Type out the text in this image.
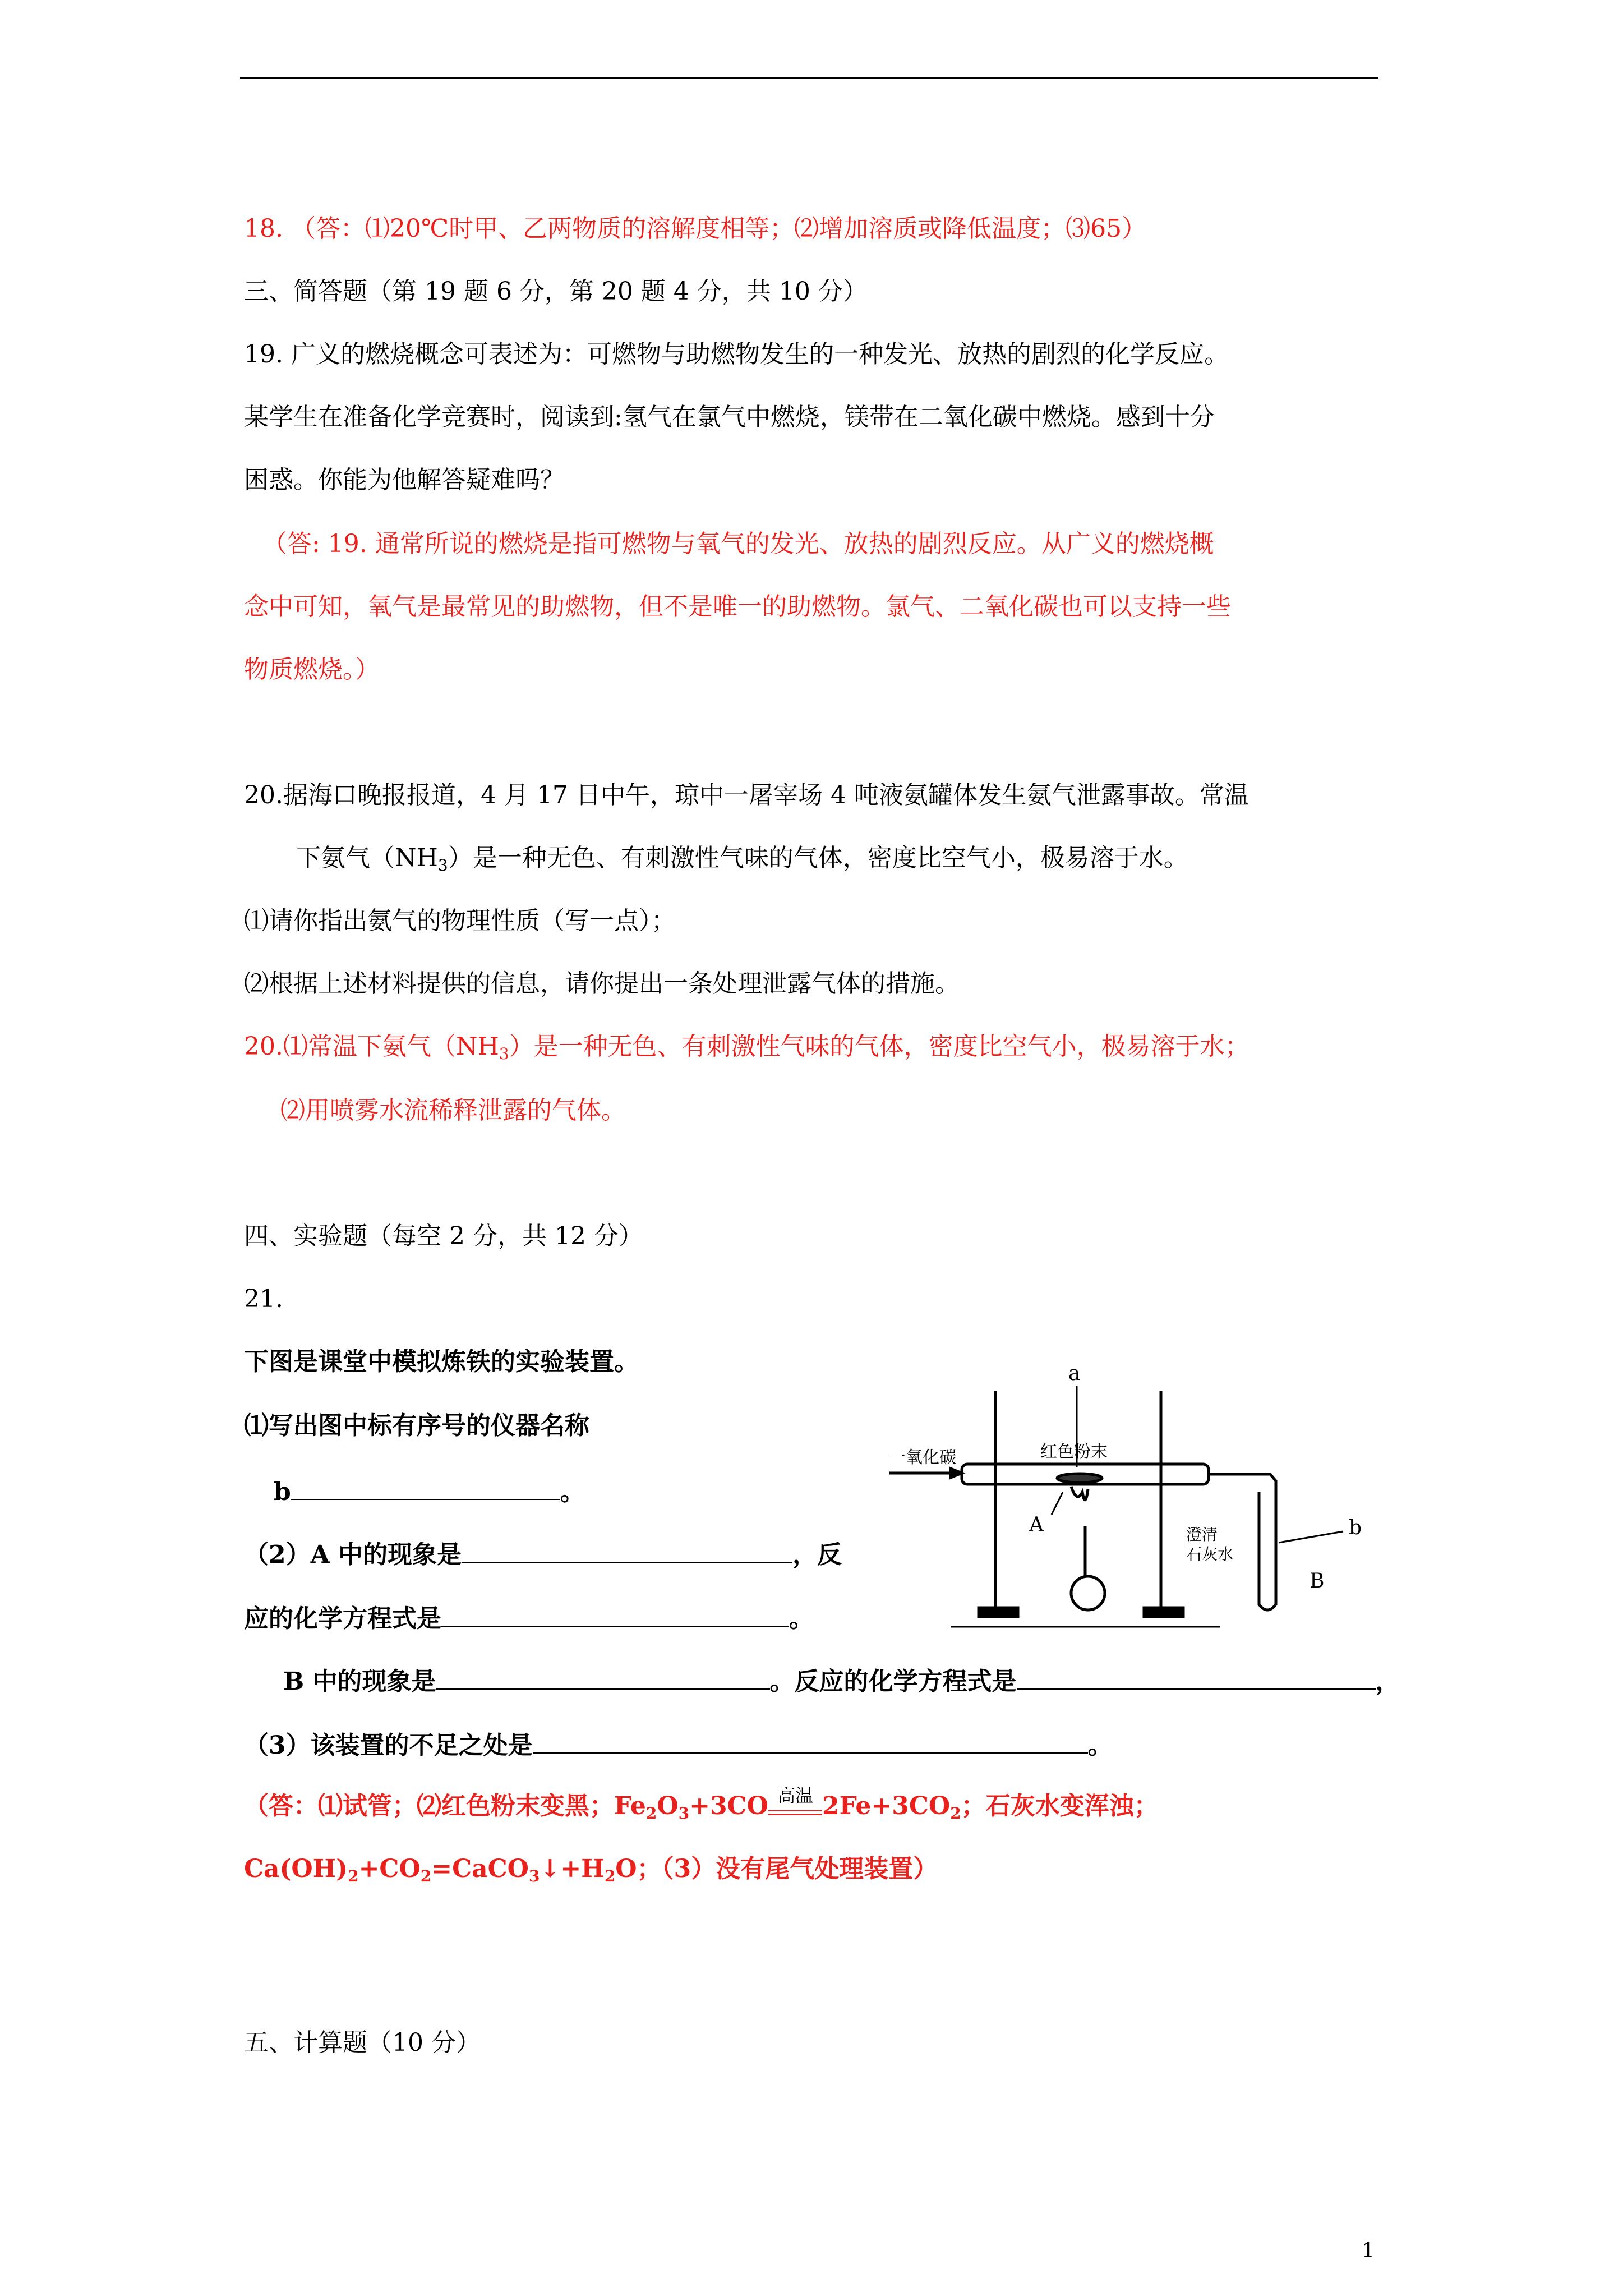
18. （答：⑴20℃时甲、乙两物质的溶解度相等；⑵增加溶质或降低温度；⑶65）
三、简答题（第 19 题 6 分，第 20 题 4 分，共 10 分）
19. 广义的燃烧概念可表述为：可燃物与助燃物发生的一种发光、放热的剧烈的化学反应。
某学生在准备化学竞赛时，阅读到:氢气在氯气中燃烧，镁带在二氧化碳中燃烧。感到十分
困惑。你能为他解答疑难吗？
（答: 19. 通常所说的燃烧是指可燃物与氧气的发光、放热的剧烈反应。从广义的燃烧概
念中可知，氧气是最常见的助燃物，但不是唯一的助燃物。氯气、二氧化碳也可以支持一些
物质燃烧。）
20.据海口晚报报道，4 月 17 日中午，琼中一屠宰场 4 吨液氨罐体发生氨气泄露事故。常温
下氨气$(NH_3)$是一种无色、有刺激性气味的气体，密度比空气小，极易溶于水。
⑴请你指出氨气的物理性质（写一点）；
⑵根据上述材料提供的信息，请你提出一条处理泄露气体的措施。
20.⑴常温下氨气$(NH_3)$是一种无色、有刺激性气味的气体，密度比空气小，极易溶于水；
⑵用喷雾水流稀释泄露的气体。
四、实验题（每空 2 分，共 12 分）
21.
下图是课堂中模拟炼铁的实验装置。
⑴写出图中标有序号的仪器名称
b	。
（2）A 中的现象是	，反
应的化学方程式是	。
B 中的现象是	。反应的化学方程式是	，
（3）该装置的不足之处是	。
（答：⑴试管；⑵红色粉末变黑；$Fe_2O_3+3CO$ 高温 $2Fe+3CO_2$；石灰水变浑浊；
$Ca(OH)_2+CO_2=CaCO_3↓+H_2O$；（3）没有尾气处理装置）
五、计算题（10 分）
1
a
一氧化碳	红色粉末
A	澄清
石灰水
b
B
